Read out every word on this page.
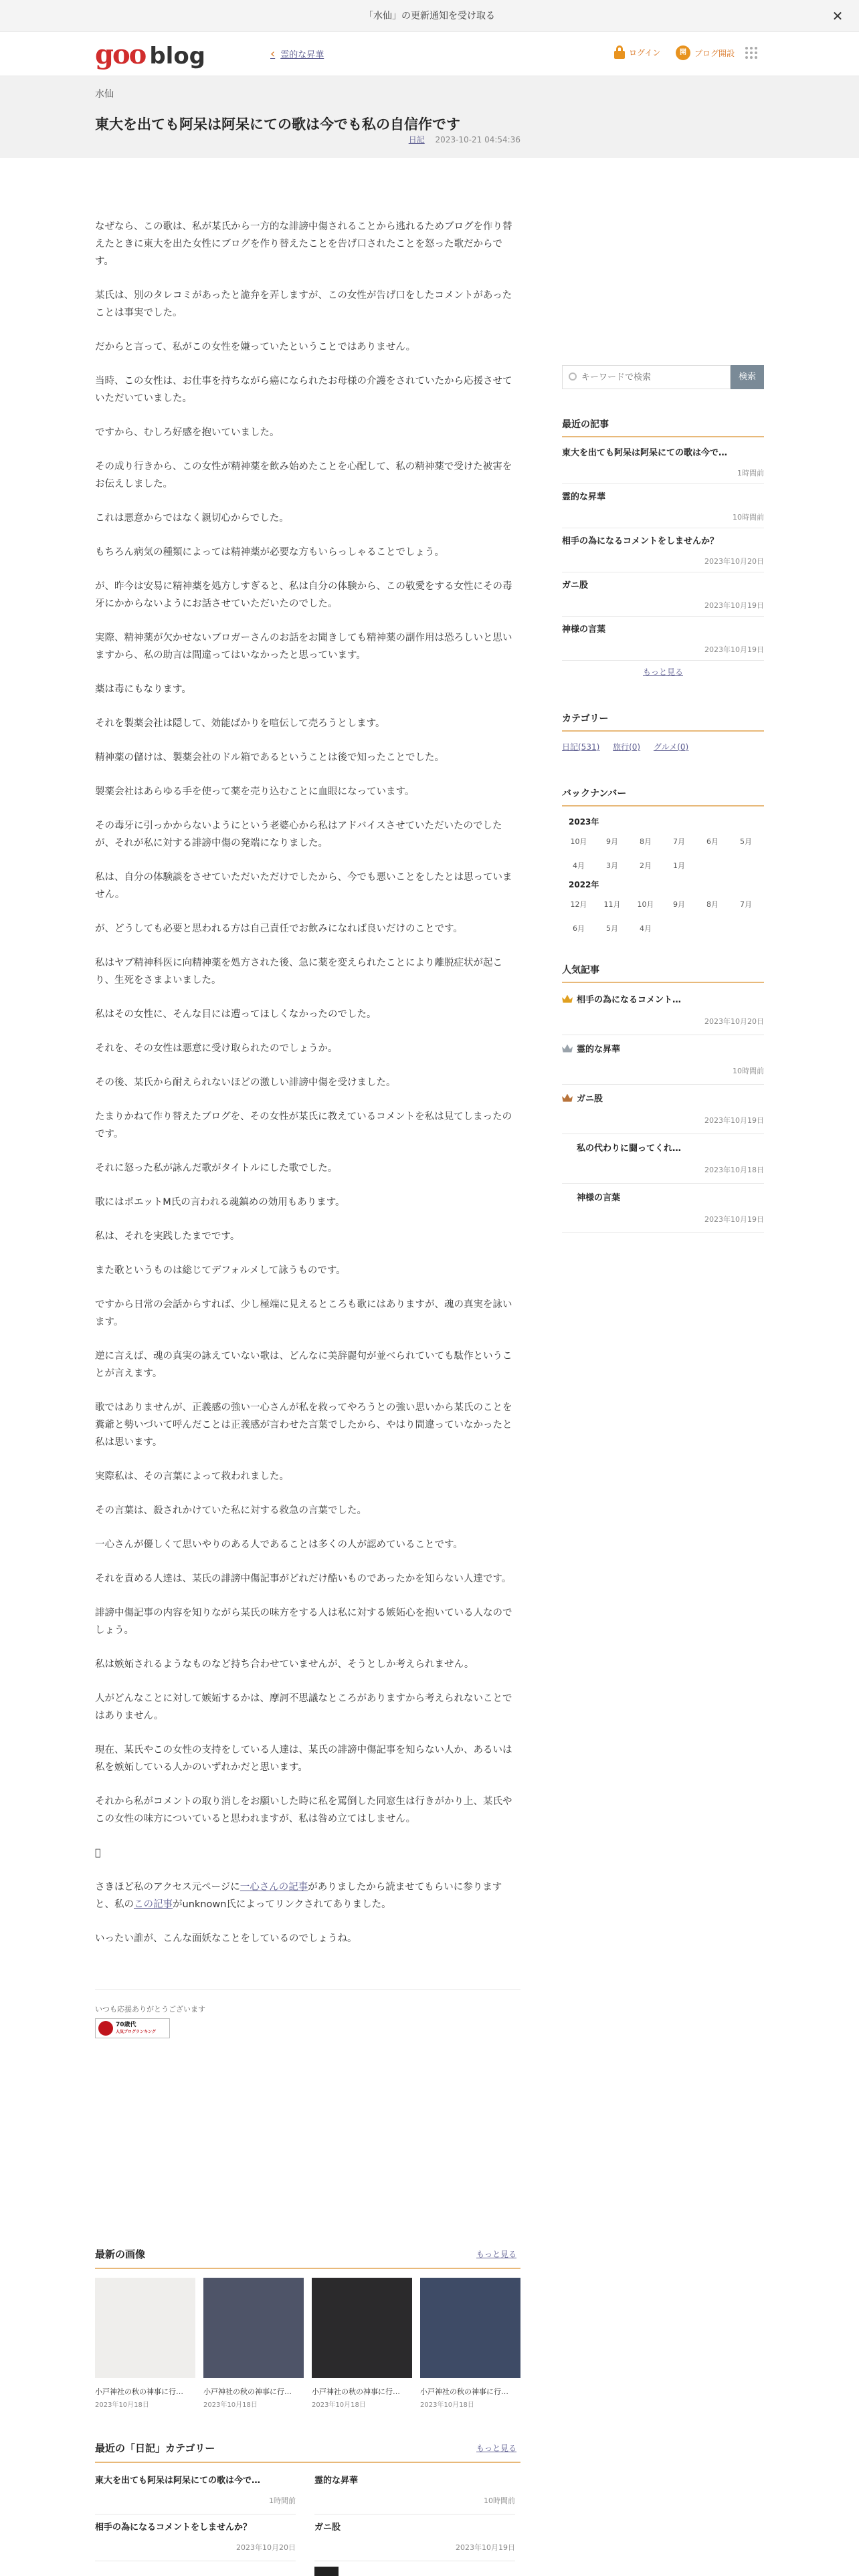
「水仙」の更新通知を受け取る	✕
goo blog	‹ 霊的な昇華	ログイン	開	ブログ開設
水仙
東大を出ても阿呆は阿呆にての歌は今でも私の自信作です
日記 2023-10-21 04:54:36

なぜなら、この歌は、私が某氏から一方的な誹謗中傷されることから逃れるためブログを作り替えたときに東大を出た女性にブログを作り替えたことを告げ口されたことを怒った歌だからです。

某氏は、別のタレコミがあったと詭弁を弄しますが、この女性が告げ口をしたコメントがあったことは事実でした。

だからと言って、私がこの女性を嫌っていたということではありません。

当時、この女性は、お仕事を持ちながら癌になられたお母様の介護をされていたから応援させていただいていました。

ですから、むしろ好感を抱いていました。

その成り行きから、この女性が精神薬を飲み始めたことを心配して、私の精神薬で受けた被害をお伝えしました。

これは悪意からではなく親切心からでした。

もちろん病気の種類によっては精神薬が必要な方もいらっしゃることでしょう。

が、昨今は安易に精神薬を処方しすぎると、私は自分の体験から、この敬愛をする女性にその毒牙にかからないようにお話させていただいたのでした。

実際、精神薬が欠かせないブロガーさんのお話をお聞きしても精神薬の副作用は恐ろしいと思いますから、私の助言は間違ってはいなかったと思っています。

薬は毒にもなります。

それを製薬会社は隠して、効能ばかりを喧伝して売ろうとします。

精神薬の儲けは、製薬会社のドル箱であるということは後で知ったことでした。

製薬会社はあらゆる手を使って薬を売り込むことに血眼になっています。

その毒牙に引っかからないようにという老婆心から私はアドバイスさせていただいたのでしたが、それが私に対する誹謗中傷の発端になりました。

私は、自分の体験談をさせていただいただけでしたから、今でも悪いことをしたとは思っていません。

が、どうしても必要と思われる方は自己責任でお飲みになれば良いだけのことです。

私はヤブ精神科医に向精神薬を処方された後、急に薬を変えられたことにより離脱症状が起こり、生死をさまよいました。

私はその女性に、そんな目には遭ってほしくなかったのでした。

それを、その女性は悪意に受け取られたのでしょうか。

その後、某氏から耐えられないほどの激しい誹謗中傷を受けました。

たまりかねて作り替えたブログを、その女性が某氏に教えているコメントを私は見てしまったのです。

それに怒った私が詠んだ歌がタイトルにした歌でした。

歌にはポエットM氏の言われる魂鎮めの効用もあります。

私は、それを実践したまでです。

また歌というものは総じてデフォルメして詠うものです。

ですから日常の会話からすれば、少し極端に見えるところも歌にはありますが、魂の真実を詠います。

逆に言えば、魂の真実の詠えていない歌は、どんなに美辞麗句が並べられていても駄作ということが言えます。

歌ではありませんが、正義感の強い一心さんが私を救ってやろうとの強い思いから某氏のことを糞爺と勢いづいて呼んだことは正義感が言わせた言葉でしたから、やはり間違っていなかったと私は思います。

実際私は、その言葉によって救われました。

その言葉は、殺されかけていた私に対する救急の言葉でした。

一心さんが優しくて思いやりのある人であることは多くの人が認めていることです。

それを責める人達は、某氏の誹謗中傷記事がどれだけ酷いものであったかを知らない人達です。

誹謗中傷記事の内容を知りながら某氏の味方をする人は私に対する嫉妬心を抱いている人なのでしょう。

私は嫉妬されるようなものなど持ち合わせていませんが、そうとしか考えられません。

人がどんなことに対して嫉妬するかは、摩訶不思議なところがありますから考えられないことではありません。

現在、某氏やこの女性の支持をしている人達は、某氏の誹謗中傷記事を知らない人か、あるいは私を嫉妬している人かのいずれかだと思います。

それから私がコメントの取り消しをお願いした時に私を罵倒した同窓生は行きがかり上、某氏やこの女性の味方についていると思われますが、私は咎め立てはしません。

 

さきほど私のアクセス元ページに一心さんの記事がありましたから読ませてもらいに参りますと、私のこの記事がunknown氏によってリンクされてありました。

いったい誰が、こんな面妖なことをしているのでしょうね。

いつも応援ありがとうございます
70歳代
人気ブログランキング
キーワードで検索
検索
最近の記事
東大を出ても阿呆は阿呆にての歌は今で…
1時間前
霊的な昇華
10時間前
相手の為になるコメントをしませんか？
2023年10月20日
ガニ股
2023年10月19日
神様の言葉
2023年10月19日
もっと見る
カテゴリー
日記(531) 旅行(0) グルメ(0)
バックナンバー
2023年
10月	9月	8月	7月	6月	5月
4月	3月	2月	1月
2022年
12月	11月	10月	9月	8月	7月
6月	5月	4月
人気記事
相手の為になるコメント…
2023年10月20日
霊的な昇華
10時間前
ガニ股
2023年10月19日
私の代わりに闘ってくれ…
2023年10月18日
神様の言葉
2023年10月19日
最新の画像	もっと見る
小戸神社の秋の神事に行…
2023年10月18日
小戸神社の秋の神事に行…
2023年10月18日
小戸神社の秋の神事に行…
2023年10月18日
小戸神社の秋の神事に行…
2023年10月18日
最近の「日記」カテゴリー	もっと見る
東大を出ても阿呆は阿呆にての歌は今で…
1時間前
霊的な昇華
10時間前
相手の為になるコメントをしませんか？
2023年10月20日
ガニ股
2023年10月19日
